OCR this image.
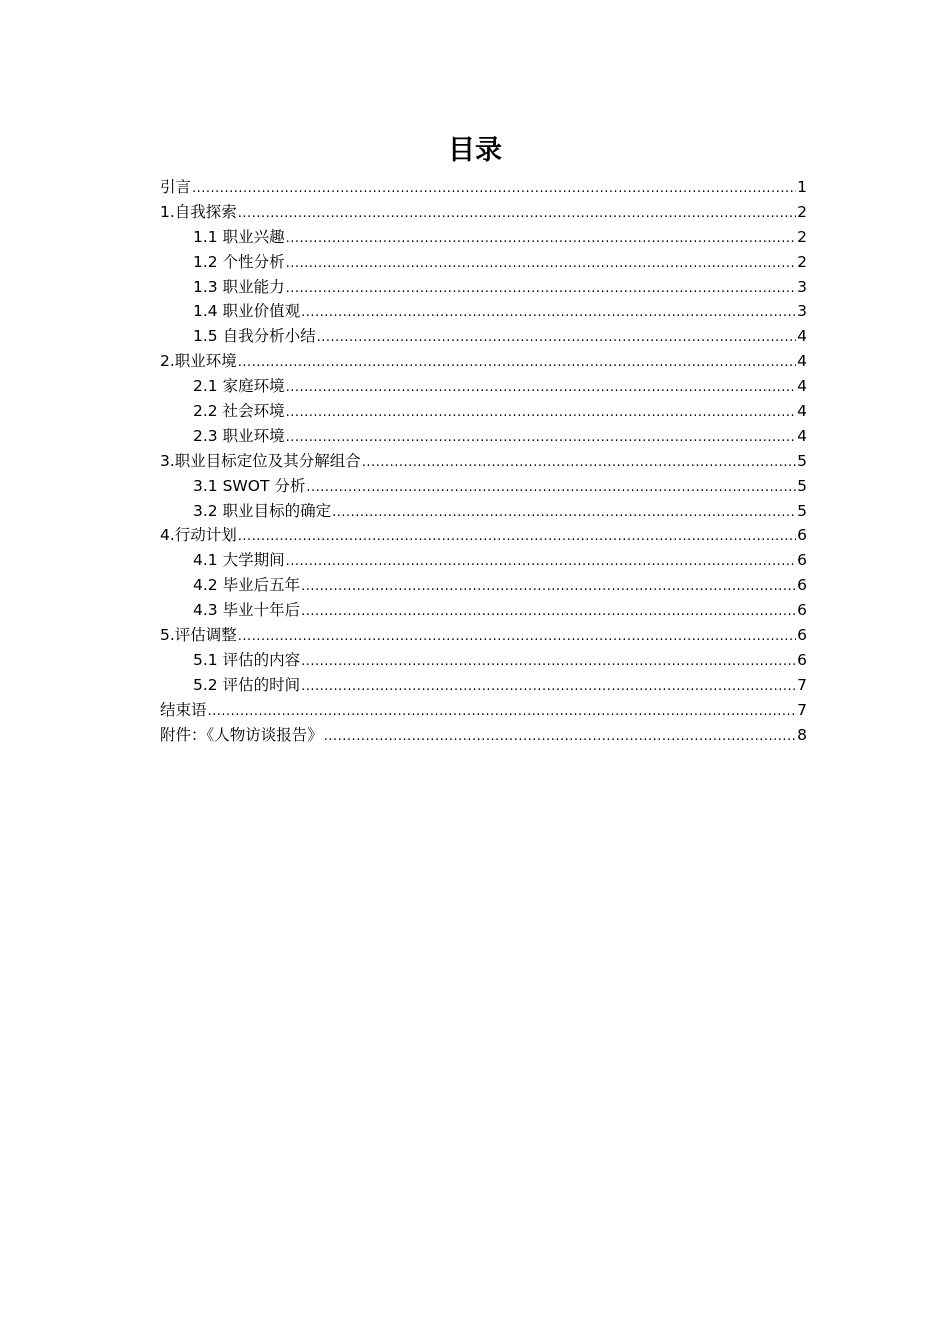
目录
引言 .....	1
1.自我探索 .....	2
1.1 职业兴趣 .....	2
1.2 个性分析 .....	2
1.3 职业能力 .....	3
1.4 职业价值观 .....	3
1.5 自我分析小结 .....	4
2.职业环境 .....	4
2.1 家庭环境 .....	4
2.2 社会环境 .....	4
2.3 职业环境 .....	4
3.职业目标定位及其分解组合 .....	5
3.1 SWOT 分析 .....	5
3.2 职业目标的确定 .....	5
4.行动计划 .....	6
4.1 大学期间 .....	6
4.2 毕业后五年 .....	6
4.3 毕业十年后 .....	6
5.评估调整 .....	6
5.1 评估的内容 .....	6
5.2 评估的时间 .....	7
结束语 .....	7
附件：《人物访谈报告》 .....	8
